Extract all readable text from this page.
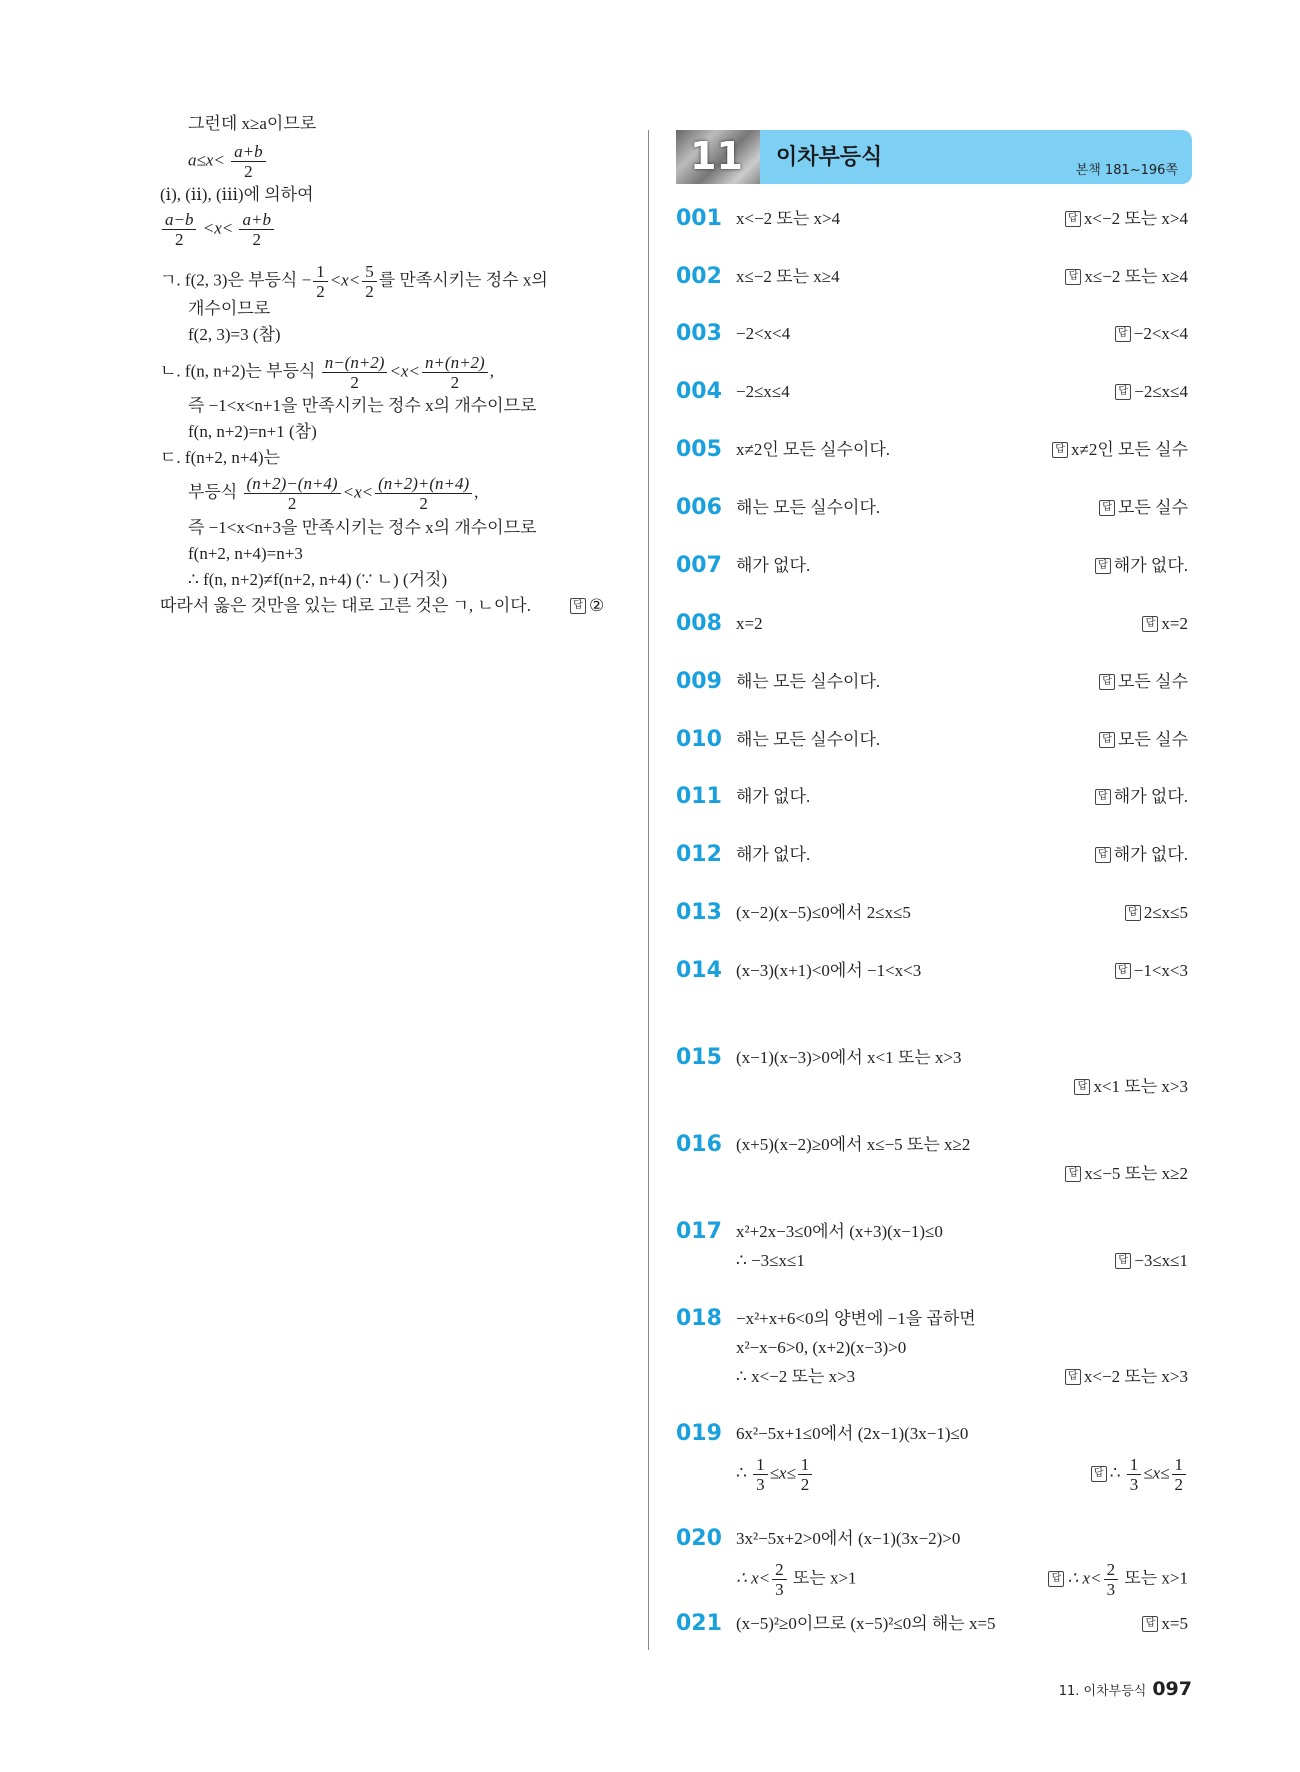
그런데 x≥a이므로
$a\le x< \frac{a+b}{2}$
(ⅰ), (ⅱ), (ⅲ)에 의하여
$\frac{a-b}{2} <x< \frac{a+b}{2}$
ㄱ. f(2, 3)은 부등식 − $\frac{1}{2} <x< \frac{5}{2}$ 를 만족시키는 정수 x의
개수이므로
f(2, 3)=3 (참)
ㄴ. f(n, n+2)는 부등식 $\frac{n-(n+2)}{2} <x< \frac{n+(n+2)}{2}$ ,
즉 −1<x<n+1을 만족시키는 정수 x의 개수이므로
f(n, n+2)=n+1 (참)
ㄷ. f(n+2, n+4)는
부등식 $\frac{(n+2)-(n+4)}{2} <x< \frac{(n+2)+(n+4)}{2}$ ,
즉 −1<x<n+3을 만족시키는 정수 x의 개수이므로
f(n+2, n+4)=n+3
∴ f(n, n+2)≠f(n+2, n+4) (∵ ㄴ) (거짓)
따라서 옳은 것만을 있는 대로 고른 것은 ㄱ, ㄴ이다.	답 ②
11 이차부등식
본책 181~196쪽
001 x<−2 또는 x>4	답 x<−2 또는 x>4
002 x≤−2 또는 x≥4	답 x≤−2 또는 x≥4
003 −2<x<4	답 −2<x<4
004 −2≤x≤4	답 −2≤x≤4
005 x≠2인 모든 실수이다.	답 x≠2인 모든 실수
006 해는 모든 실수이다.	답 모든 실수
007 해가 없다.	답 해가 없다.
008 x=2	답 x=2
009 해는 모든 실수이다.	답 모든 실수
010 해는 모든 실수이다.	답 모든 실수
011 해가 없다.	답 해가 없다.
012 해가 없다.	답 해가 없다.
013 (x−2)(x−5)≤0에서 2≤x≤5	답 2≤x≤5
014 (x−3)(x+1)<0에서 −1<x<3	답 −1<x<3
015 (x−1)(x−3)>0에서 x<1 또는 x>3
답 x<1 또는 x>3
016 (x+5)(x−2)≥0에서 x≤−5 또는 x≥2
답 x≤−5 또는 x≥2
017 x²+2x−3≤0에서 (x+3)(x−1)≤0
∴ −3≤x≤1	답 −3≤x≤1
018 −x²+x+6<0의 양변에 −1을 곱하면
x²−x−6>0, (x+2)(x−3)>0
∴ x<−2 또는 x>3	답 x<−2 또는 x>3
019 6x²−5x+1≤0에서 (2x−1)(3x−1)≤0
∴ $\frac{1}{3} \le x\le \frac{1}{2}$	답 ∴ $\frac{1}{3} \le x\le \frac{1}{2}$
020 3x²−5x+2>0에서 (x−1)(3x−2)>0
∴ $x< \frac{2}{3}$ 또는 x>1	답 ∴ $x< \frac{2}{3}$ 또는 x>1
021 (x−5)²≥0이므로 (x−5)²≤0의 해는 x=5	답 x=5
11. 이차부등식 097
